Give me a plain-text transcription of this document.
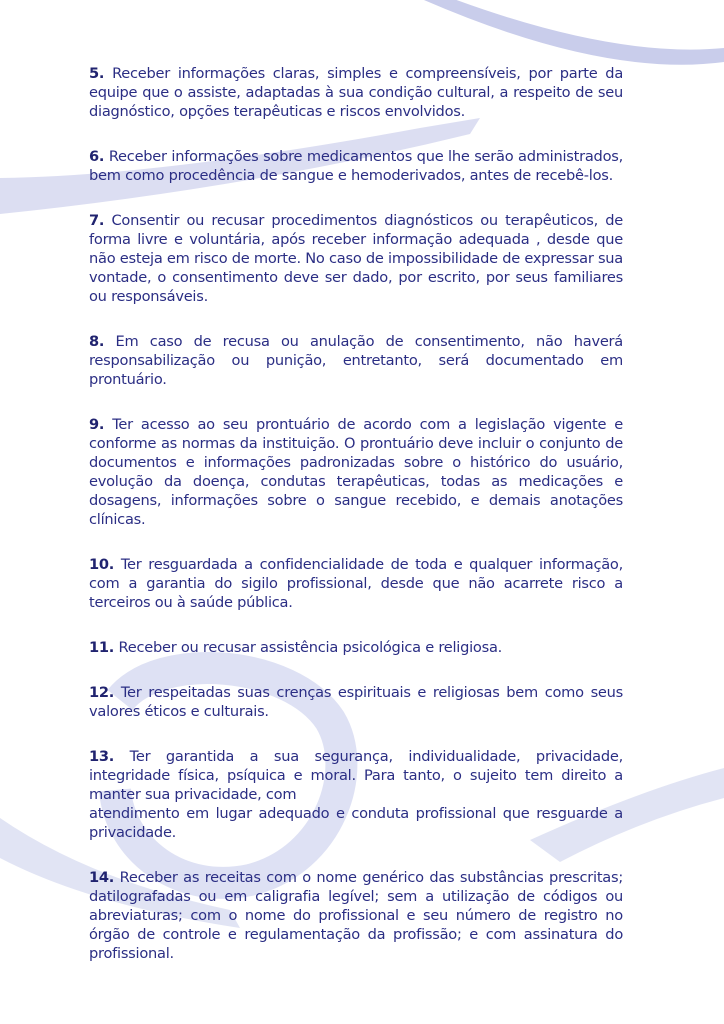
5. Receber informações claras, simples e compreensíveis, por parte da equipe que o assiste, adaptadas à sua condição cultural, a respeito de seu diagnóstico, opções terapêuticas e riscos envolvidos.

6. Receber informações sobre medicamentos que lhe serão administrados, bem como procedência de sangue e hemoderivados, antes de recebê-los.

7. Consentir ou recusar procedimentos diagnósticos ou terapêuticos, de forma livre e voluntária, após receber informação adequada , desde que não esteja em risco de morte. No caso de impossibilidade de expressar sua vontade, o consentimento deve ser dado, por escrito, por seus familiares ou responsáveis.

8. Em caso de recusa ou anulação de consentimento, não haverá responsabilização ou punição, entretanto, será documentado em prontuário.

9. Ter acesso ao seu prontuário de acordo com a legislação vigente e conforme as normas da instituição. O prontuário deve incluir o conjunto de documentos e informações padronizadas sobre o histórico do usuário, evolução da doença, condutas terapêuticas, todas as medicações e dosagens, informações sobre o sangue recebido, e demais anotações clínicas.

10. Ter resguardada a confidencialidade de toda e qualquer informação, com a garantia do sigilo profissional, desde que não acarrete risco a terceiros ou à saúde pública.

11. Receber ou recusar assistência psicológica e religiosa.

12. Ter respeitadas suas crenças espirituais e religiosas bem como seus valores éticos e culturais.

13. Ter garantida a sua segurança, individualidade, privacidade, integridade física, psíquica e moral. Para tanto, o sujeito tem direito a manter sua privacidade, com
atendimento em lugar adequado e conduta profissional que resguarde a privacidade.

14. Receber as receitas com o nome genérico das substâncias prescritas; datilografadas ou em caligrafia legível; sem a utilização de códigos ou abreviaturas; com o nome do profissional e seu número de registro no órgão de controle e regulamentação da profissão; e com assinatura do profissional.
